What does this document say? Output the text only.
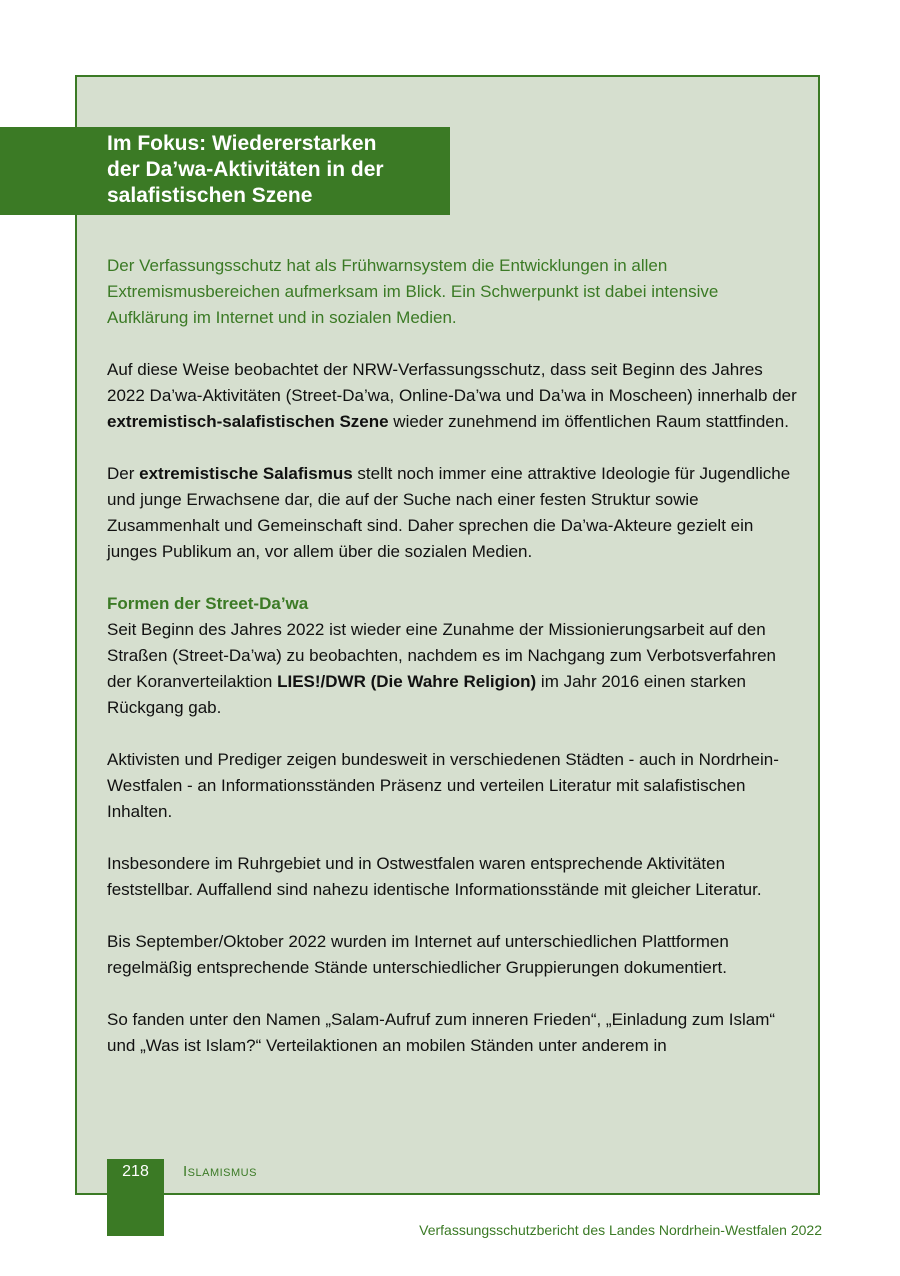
Im Fokus: Wiedererstarken
der Da’wa-Aktivitäten in der
salafistischen Szene

Der Verfassungsschutz hat als Frühwarnsystem die Entwicklungen in allen Extremismusbereichen aufmerksam im Blick. Ein Schwerpunkt ist dabei intensive Aufklärung im Internet und in sozialen Medien.

Auf diese Weise beobachtet der NRW-Verfassungsschutz, dass seit Beginn des Jahres 2022 Da’wa-Aktivitäten (Street-Da’wa, Online-Da’wa und Da’wa in Moscheen) innerhalb der extremistisch-salafistischen Szene wieder zunehmend im öffentlichen Raum stattfinden.

Der extremistische Salafismus stellt noch immer eine attraktive Ideologie für Jugendliche und junge Erwachsene dar, die auf der Suche nach einer festen Struktur sowie Zusammenhalt und Gemeinschaft sind. Daher sprechen die Da’wa-Akteure gezielt ein junges Publikum an, vor allem über die sozialen Medien.

Formen der Street-Da’wa
Seit Beginn des Jahres 2022 ist wieder eine Zunahme der Missionierungsarbeit auf den Straßen (Street-Da’wa) zu beobachten, nachdem es im Nachgang zum Verbotsverfahren der Koranverteilaktion LIES!/DWR (Die Wahre Religion) im Jahr 2016 einen starken Rückgang gab.

Aktivisten und Prediger zeigen bundesweit in verschiedenen Städten - auch in Nordrhein-Westfalen - an Informationsständen Präsenz und verteilen Literatur mit salafistischen Inhalten.

Insbesondere im Ruhrgebiet und in Ostwestfalen waren entsprechende Aktivitäten feststellbar. Auffallend sind nahezu identische Informationsstände mit gleicher Literatur.

Bis September/Oktober 2022 wurden im Internet auf unterschiedlichen Plattformen regelmäßig entsprechende Stände unterschiedlicher Gruppierungen dokumentiert.

So fanden unter den Namen „Salam-Aufruf zum inneren Frieden“, „Einladung zum Islam“ und „Was ist Islam?“ Verteilaktionen an mobilen Ständen unter anderem in

218	Islamismus
Verfassungsschutzbericht des Landes Nordrhein-Westfalen 2022
